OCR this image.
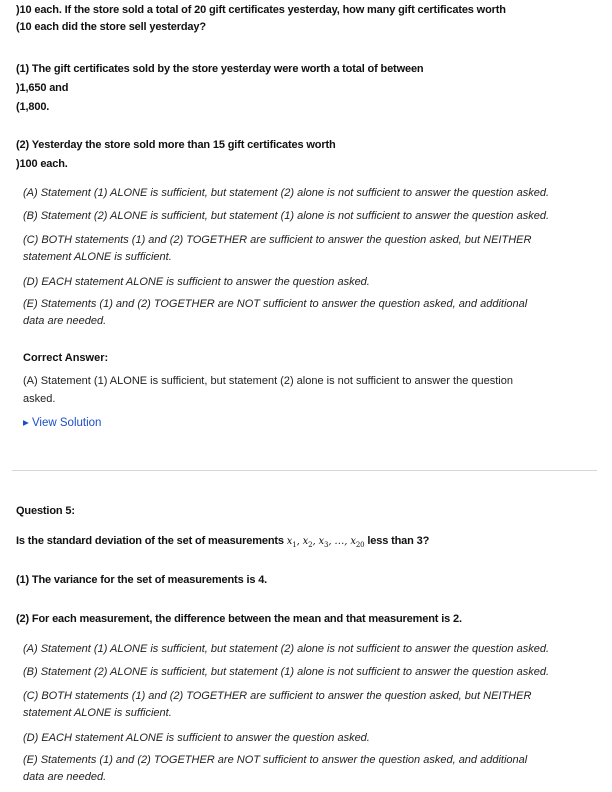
)10 each. If the store sold a total of 20 gift certificates yesterday, how many gift certificates worth
(10 each did the store sell yesterday?
(1) The gift certificates sold by the store yesterday were worth a total of between
)1,650 and
(1,800.
(2) Yesterday the store sold more than 15 gift certificates worth
)100 each.
(A) Statement (1) ALONE is sufficient, but statement (2) alone is not sufficient to answer the question asked.
(B) Statement (2) ALONE is sufficient, but statement (1) alone is not sufficient to answer the question asked.
(C) BOTH statements (1) and (2) TOGETHER are sufficient to answer the question asked, but NEITHER
statement ALONE is sufficient.
(D) EACH statement ALONE is sufficient to answer the question asked.
(E) Statements (1) and (2) TOGETHER are NOT sufficient to answer the question asked, and additional
data are needed.
Correct Answer:
(A) Statement (1) ALONE is sufficient, but statement (2) alone is not sufficient to answer the question
asked.
▸ View Solution
Question 5:
Is the standard deviation of the set of measurements $x_1$, $x_2$, $x_3$, …, $x_{20}$ less than 3?
(1) The variance for the set of measurements is 4.
(2) For each measurement, the difference between the mean and that measurement is 2.
(A) Statement (1) ALONE is sufficient, but statement (2) alone is not sufficient to answer the question asked.
(B) Statement (2) ALONE is sufficient, but statement (1) alone is not sufficient to answer the question asked.
(C) BOTH statements (1) and (2) TOGETHER are sufficient to answer the question asked, but NEITHER
statement ALONE is sufficient.
(D) EACH statement ALONE is sufficient to answer the question asked.
(E) Statements (1) and (2) TOGETHER are NOT sufficient to answer the question asked, and additional
data are needed.
